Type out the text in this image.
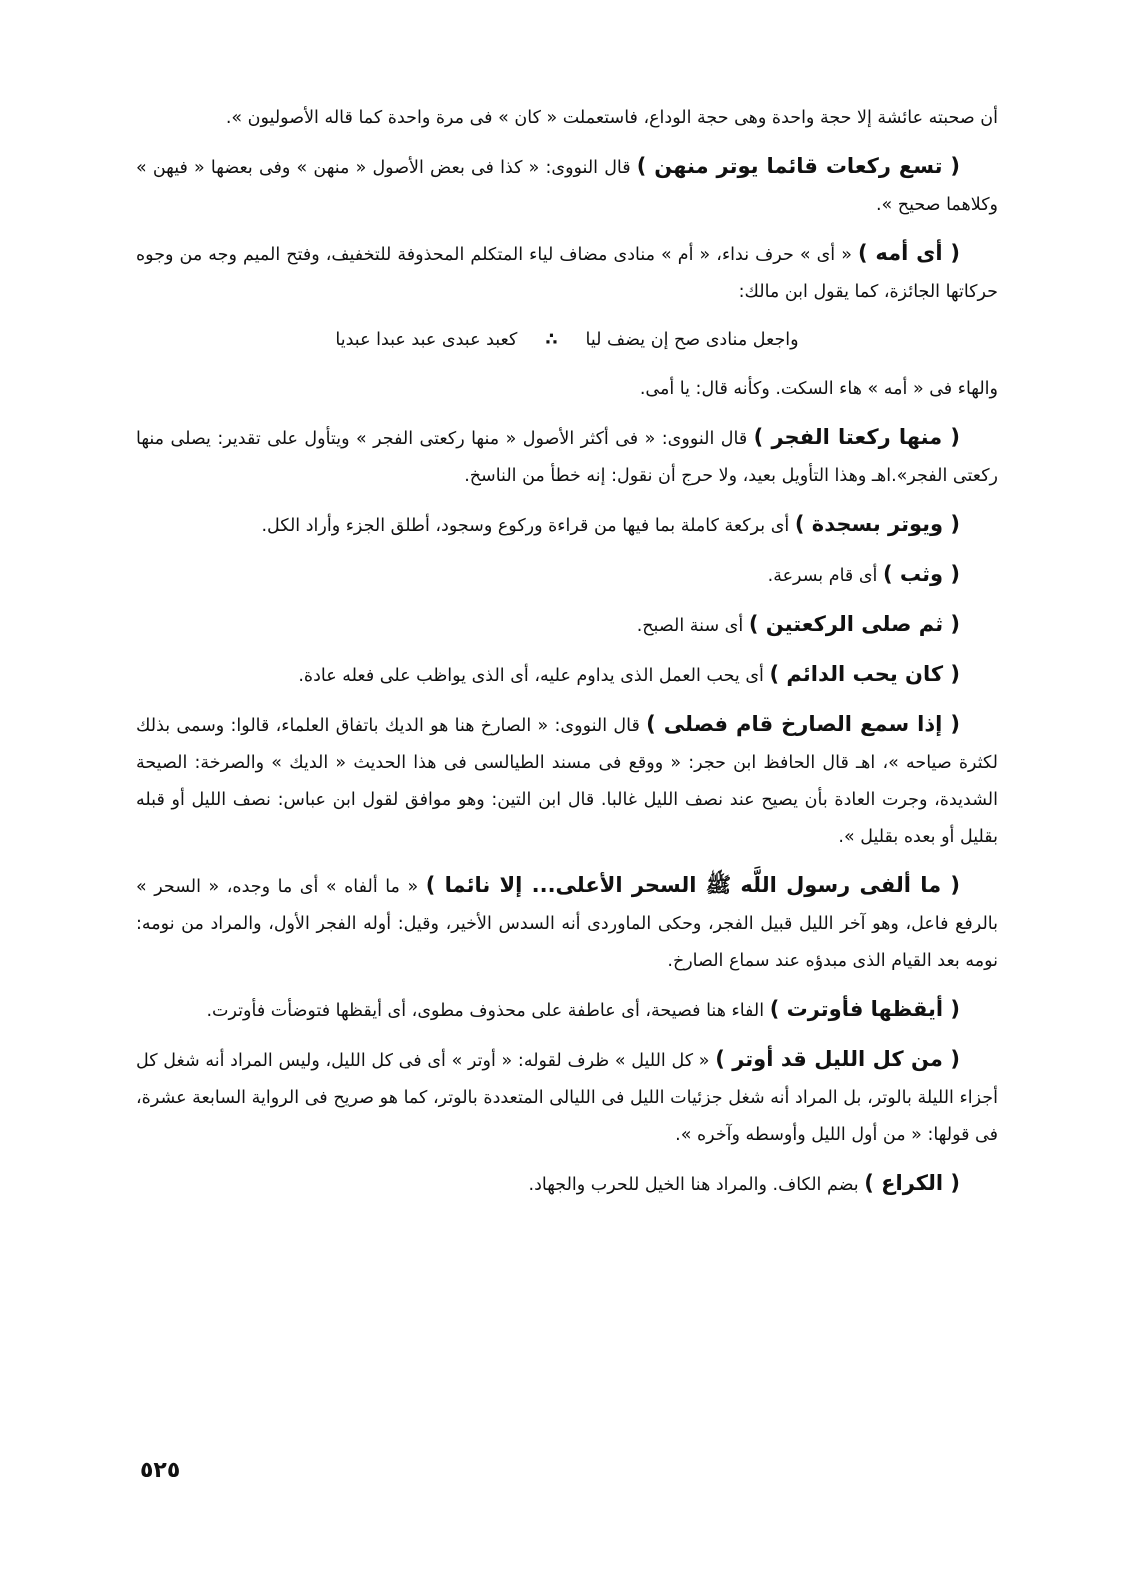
أن صحبته عائشة إلا حجة واحدة وهى حجة الوداع، فاستعملت « كان » فى مرة واحدة كما قاله الأصوليون ».

( تسع ركعات قائما يوتر منهن ) قال النووى: « كذا فى بعض الأصول « منهن » وفى بعضها « فيهن » وكلاهما صحيح ».

( أى أمه ) « أى » حرف نداء، « أم » منادى مضاف لياء المتكلم المحذوفة للتخفيف، وفتح الميم وجه من وجوه حركاتها الجائزة، كما يقول ابن مالك:

واجعل منادى صح إن يضف ليا
∴
كعبد عبدى عبد عبدا عبديا

والهاء فى « أمه » هاء السكت. وكأنه قال: يا أمى.

( منها ركعتا الفجر ) قال النووى: « فى أكثر الأصول « منها ركعتى الفجر » ويتأول على تقدير: يصلى منها ركعتى الفجر».اهـ وهذا التأويل بعيد، ولا حرج أن نقول: إنه خطأ من الناسخ.

( ويوتر بسجدة ) أى بركعة كاملة بما فيها من قراءة وركوع وسجود، أطلق الجزء وأراد الكل.

( وثب ) أى قام بسرعة.

( ثم صلى الركعتين ) أى سنة الصبح.

( كان يحب الدائم ) أى يحب العمل الذى يداوم عليه، أى الذى يواظب على فعله عادة.

( إذا سمع الصارخ قام فصلى ) قال النووى: « الصارخ هنا هو الديك باتفاق العلماء، قالوا: وسمى بذلك لكثرة صياحه »، اهـ قال الحافظ ابن حجر: « ووقع فى مسند الطيالسى فى هذا الحديث « الديك » والصرخة: الصيحة الشديدة، وجرت العادة بأن يصيح عند نصف الليل غالبا. قال ابن التين: وهو موافق لقول ابن عباس: نصف الليل أو قبله بقليل أو بعده بقليل ».

( ما ألفى رسول اللَّه ﷺ السحر الأعلى... إلا نائما ) « ما ألفاه » أى ما وجده، « السحر » بالرفع فاعل، وهو آخر الليل قبيل الفجر، وحكى الماوردى أنه السدس الأخير، وقيل: أوله الفجر الأول، والمراد من نومه: نومه بعد القيام الذى مبدؤه عند سماع الصارخ.

( أيقظها فأوترت ) الفاء هنا فصيحة، أى عاطفة على محذوف مطوى، أى أيقظها فتوضأت فأوترت.

( من كل الليل قد أوتر ) « كل الليل » ظرف لقوله: « أوتر » أى فى كل الليل، وليس المراد أنه شغل كل أجزاء الليلة بالوتر، بل المراد أنه شغل جزئيات الليل فى الليالى المتعددة بالوتر، كما هو صريح فى الرواية السابعة عشرة، فى قولها: « من أول الليل وأوسطه وآخره ».

( الكراع ) بضم الكاف. والمراد هنا الخيل للحرب والجهاد.

٥٢٥
